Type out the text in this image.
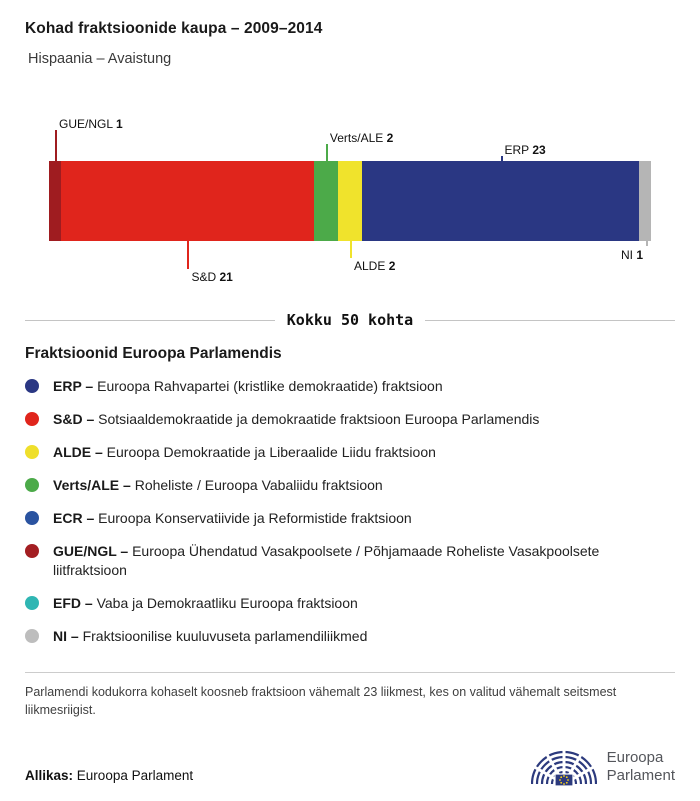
Kohad fraktsioonide kaupa – 2009–2014
Hispaania – Avaistung
GUE/NGL 1
Verts/ALE 2
ERP 23
S&D 21
ALDE 2
NI 1
Kokku 50 kohta
Fraktsioonid Euroopa Parlamendis
ERP – Euroopa Rahvapartei (kristlike demokraatide) fraktsioon
S&D – Sotsiaaldemokraatide ja demokraatide fraktsioon Euroopa Parlamendis
ALDE – Euroopa Demokraatide ja Liberaalide Liidu fraktsioon
Verts/ALE – Roheliste / Euroopa Vabaliidu fraktsioon
ECR – Euroopa Konservatiivide ja Reformistide fraktsioon
GUE/NGL – Euroopa Ühendatud Vasakpoolsete / Põhjamaade Roheliste Vasakpoolsete liitfraktsioon
EFD – Vaba ja Demokraatliku Euroopa fraktsioon
NI – Fraktsioonilise kuuluvuseta parlamendiliikmed

Parlamendi kodukorra kohaselt koosneb fraktsioon vähemalt 23 liikmest, kes on valitud vähemalt seitsmest liikmesriigist.

Allikas: Euroopa Parlament
Euroopa
Parlament
